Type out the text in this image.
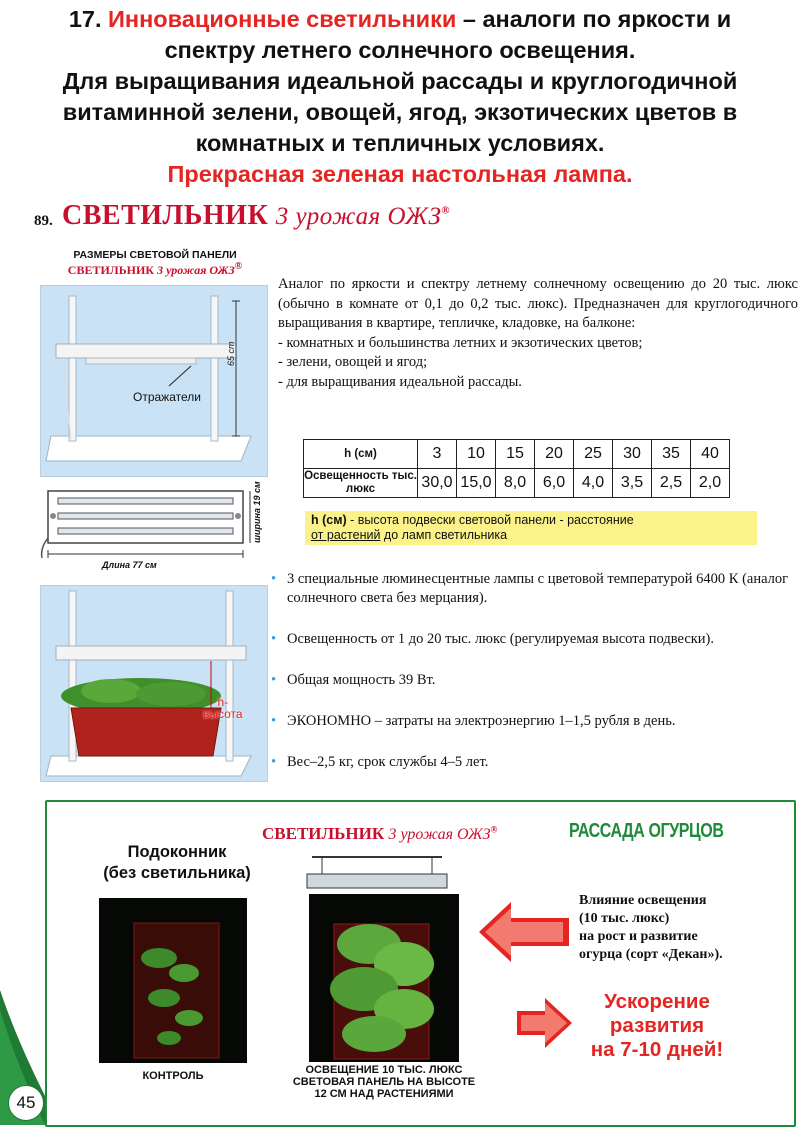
17. Инновационные светильники – аналоги по яркости и
спектру летнего солнечного освещения.
Для выращивания идеальной рассады и круглогодичной
витаминной зелени, овощей, ягод, экзотических цветов в
комнатных и тепличных условиях.
Прекрасная зеленая настольная лампа.
89. СВЕТИЛЬНИК 3 урожая ОЖЗ®
РАЗМЕРЫ СВЕТОВОЙ ПАНЕЛИ
СВЕТИЛЬНИК 3 урожая ОЖЗ®
65 cm
Отражатели
ширина 19 см
Длина 77 см
h-
высота
Аналог по яркости и спектру летнему солнечному освещению до 20 тыс. люкс (обычно в комнате от 0,1 до 0,2 тыс. люкс). Предназначен для круглогодичного выращивания в квартире, тепличке, кладовке, на балконе:
- комнатных и большинства летних и экзотических цветов;
- зелени, овощей и ягод;
- для выращивания идеальной рассады.
h (см)	3	10	15	20	25	30	35	40
Освещенность тыс. люкс	30,0	15,0	8,0	6,0	4,0	3,5	2,5	2,0
h (см) - высота подвески световой панели - расстояние
от растений до ламп светильника
• 3 специальные люминесцентные лампы с цветовой температурой 6400 К (аналог солнечного света без мерцания).
• Освещенность от 1 до 20 тыс. люкс (регулируемая высота подвески).
• Общая мощность 39 Вт.
• ЭКОНОМНО – затраты на электроэнергию 1–1,5 рубля в день.
• Вес–2,5 кг, срок службы 4–5 лет.
Подоконник
(без светильника)
СВЕТИЛЬНИК 3 урожая ОЖЗ®	РАССАДА ОГУРЦОВ
КОНТРОЛЬ	ОСВЕЩЕНИЕ 10 ТЫС. ЛЮКС
СВЕТОВАЯ ПАНЕЛЬ НА ВЫСОТЕ
12 СМ НАД РАСТЕНИЯМИ
Влияние освещения
(10 тыс. люкс)
на рост и развитие
огурца (сорт «Декан»).
Ускорение
развития
на 7-10 дней!
45
